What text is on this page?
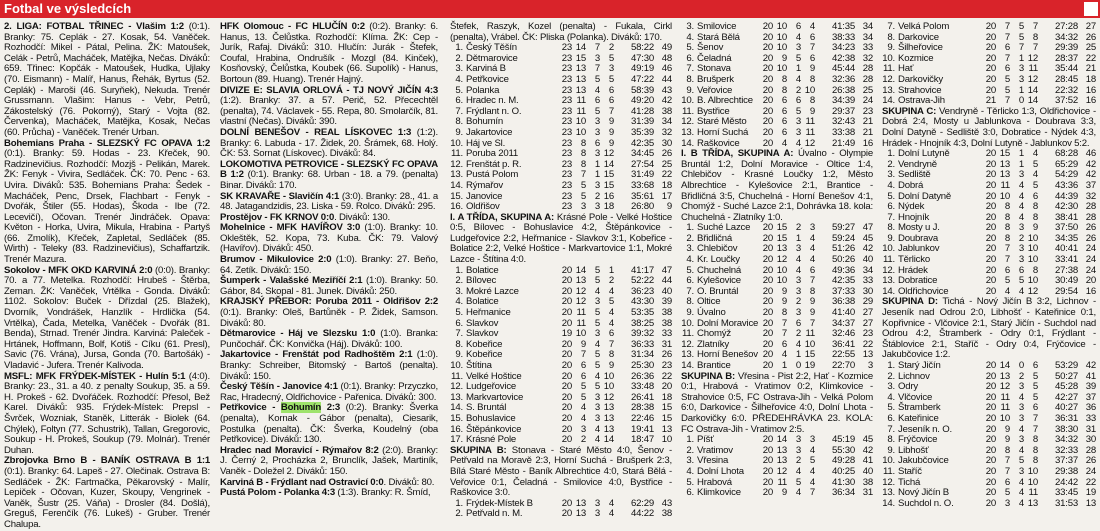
Fotbal ve výsledcích

2. LIGA: FOTBAL TŘINEC - Vlašim 1:2 (0:1). Branky: 75. Ceplák - 27. Kosak, 54. Vaněček. Rozhodčí: Mikel - Pátal, Pelina. ŽK: Matoušek, Celák - Petrů, Macháček, Matějka, Nečas. Diváků: 659. Třinec: Kopčák - Matoušek, Hudka, Ujlaky (70. Eismann) - Malíř, Hanus, Řehák, Byrtus (52. Ceplák) - Maroši (46. Suryňek), Nekuda. Trenér Grussmann. Vlašim: Hanus - Vebr, Petrů, Zákostelský (76. Pokorný), Starý - Vojta (82. Červenka), Macháček, Matějka, Kosak, Nečas (60. Průcha) - Vaněček. Trenér Urban.

Bohemians Praha - SLEZSKÝ FC OPAVA 1:2 (0:1). Branky: 59. Hodas - 23. Křeček, 90. Radzinevičius. Rozhodčí: Mozjš - Pelikán, Marek. ŽK: Fenyk - Vivira, Sedláček. ČK: 70. Penc - 63. Uvira. Diváků: 535. Bohemians Praha: Šedek - Macháček, Penc, Drsek, Flachbart - Fenyk - Dvořák, Štiler (55. Hodas), Škoda - Ibe (72. Lecevičí), Očovan. Trenér Jindráček. Opava: Květon - Horka, Uvira, Mikula, Hrabina - Partyš (66. Zmolík), Křeček, Zapletal, Sedláček (85. Wirth) - Teleky (83. Radzinevičius), Schaffartzik. Trenér Mazura.

Sokolov - MFK OKD KARVINÁ 2:0 (0:0). Branky: 70. a 77. Metelka. Rozhodčí: Hrubeš - Štěrba, Zeman. ŽK: Vaněček, Vrtělka - Gonda. Diváků: 1102. Sokolov: Buček - Dřízdal (25. Blažek), Dvorník, Vondrášek, Hanzlík - Hrdlička (54. Vrtělka), Čada, Metelka, Vaněček - Dvořák (81. Benda), Strnad. Trenér Jindra. Karviná: Paleček - Hrtánek, Hoffmann, Bolf, Kotiš - Cíku (61. Presl), Savic (76. Vrána), Jursa, Gonda (70. Bartošák) - Vladavić - Jufera. Trenér Kalivoda.

MSFL: MFK FRÝDEK-MÍSTEK - Hulín 5:1 (4:0). Branky: 23., 31. a 40. z penalty Soukup, 35. a 59. H. Prokeš - 62. Dvořáček. Rozhodčí: Přesol, Bež Karel. Diváků: 935. Frýdek-Místek: Prepsl - Švrček, Wozniak, Staněk, Litterák - Biolek (64. Chýlek), Foltyn (77. Schustrik), Tallan, Gregorovic, Soukup - H. Prokeš, Soukup (79. Molnár). Trenér Duhan.

Zbrojovka Brno B - BANÍK OSTRAVA B 1:1 (0:1). Branky: 64. Lapeš - 27. Olečinak. Ostrava B: Sedláček - ŽK: Fartmačka, Pěkarovský - Malír, Lepiček - Očovan, Kuzer, Skoupy, Vengrinek - Vaněk, Šustr (25. Váňa) - Drosler (84. Došlá), Greguš, Ferenčík (76. Lukeš) - Gruber. Trenér Chalupa.

HFK Olomouc - FC HLUČÍN 0:2 (0:2). Branky: 6. Hanus, 13. Čelůstka. Rozhodčí: Klíma. ŽK: Cep - Jurík, Rafaj. Diváků: 310. Hlučín: Jurák - Štefek, Coufal, Hrabina, Ondrušík - Mozgl (84. Kinček), Kosňovský, Čelůstka, Koubek (66. Supolík) - Hanus, Bortoun (89. Huang). Trenér Hajný.

DIVIZE E: SLAVIA ORLOVÁ - TJ NOVÝ JIČÍN 4:3 (1:2). Branky: 37. a 57. Perič, 52. Přecechtěl (penalta), 74. Václavek - 55. Repa, 80. Smolarčík, 81. vlastní (Nečas). Diváků: 390.

DOLNÍ BENEŠOV - REAL LÍSKOVEC 1:3 (1:2). Branky: 6. Labuda - 17. Židek, 20. Šrámek, 68. Holý. ČK: 53. Sornat (Lískovec). Diváků: 84.

LOKOMOTIVA PETROVICE - SLEZSKÝ FC OPAVA B 1:2 (0:1). Branky: 68. Urban - 18. a 79. (penalta) Binar. Diváků: 170.

SK KRAVAŘE - Slavičín 4:1 (3:0). Branky: 28., 41. a 48. Jatagandzidis, 23. Liska - 59. Rolco. Diváků: 295.

Prostějov - FK KRNOV 0:0. Diváků: 130.

Mohelnice - MFK HAVÍŘOV 3:0 (1:0). Branky: 10. Okleštěk, 52. Kopa, 73. Kuba. ČK: 79. Valový (Havířov). Diváků: 450.

Brumov - Mikulovice 2:0 (1:0). Branky: 27. Beňo, 64. Zetík. Diváků: 150.

Šumperk - Valašské Meziříčí 2:1 (1:0). Branky: 50. Gábor, 84. Skopal - 81. Junek. Diváků: 250.

KRAJSKÝ PŘEBOR: Poruba 2011 - Oldřišov 2:2 (0:1). Branky: Oleš, Bartůněk - P. Židek, Samson. Diváků: 80.

Dětmarovice - Háj ve Slezsku 1:0 (1:0). Branka: Punčochář. ČK: Konvička (Háj). Diváků: 100.

Jakartovice - Frenštát pod Radhoštěm 2:1 (1:0). Branky: Schreiber, Bitomský - Bartoš (penalta). Diváků: 150.

Český Těšín - Janovice 4:1 (0:1). Branky: Przyczko, Rac, Hradecný, Oldřichovice - Pařenica. Diváků: 300.

Petřkovice - Bohumín 2:3 (0:2). Branky: Šverka (penalta), Kornak - Gábor (penalta), Ciesarik, Postulka (penalta). ČK: Šverka, Koudelný (oba Petřkovice). Diváků: 130.

Hradec nad Moravicí - Rýmařov 8:2 (2:0). Branky: J. Černý 2, Procházka 2, Brunclík, Jašek, Martiník, Vaněk - Doležel 2. Diváků: 150.

Karviná B - Frýdlant nad Ostravicí 0:0. Diváků: 80.

Pustá Polom - Polanka 4:3 (1:3). Branky: R. Šmíd,

Štefek, Raszyk, Kozel (penalta) - Fukala, Cirkl (penalta), Vrábel. ČK: Pliska (Polanka). Diváků: 170.

1.	Český Těšín	23	14	7	2	58:22	49
2.	Dětmarovice	23	15	3	5	47:30	48
3.	Karviná B	23	13	7	3	49:19	46
4.	Petřkovice	23	13	5	5	47:22	44
5.	Polanka	23	13	4	6	58:39	43
6.	Hradec n. M.	23	11	6	6	49:20	42
7.	Frýdlant n. O.	23	11	5	7	41:28	38
8.	Bohumín	23	10	3	9	31:39	34
9.	Jakartovice	23	10	3	9	35:39	32
10.	Háj ve Sl.	23	8	6	9	42:35	30
11.	Poruba 2011	23	8	3	12	34:45	26
12.	Frenštát p. R.	23	8	1	14	27:54	25
13.	Pustá Polom	23	7	1	15	31:49	22
14.	Rýmařov	23	5	3	15	33:68	18
15.	Janovice	23	5	2	16	35:61	17
16.	Oldřišov	23	3	3	18	26:80	9

I. A TŘÍDA, SKUPINA A: Krásné Pole - Velké Hoštice 0:5, Bílovec - Bohuslavice 4:2, Štěpánkovice - Ludgeřovice 2:2, Heřmanice - Slavkov 3:1, Kobeřice - Bolatice 2:2, Velké Hoštice - Markvartovice 1:1, Mokré Lazce - Štítina 4:0.

1.	Bolatice	20	14	5	1	41:17	47
2.	Bílovec	20	13	5	2	52:22	44
3.	Mokré Lazce	20	12	4	4	36:23	40
4.	Bolatice	20	12	3	5	43:30	39
5.	Heřmanice	20	11	5	4	53:35	38
6.	Slavkov	20	11	5	4	38:25	38
7.	Slavkov	19	10	3	6	39:32	33
8.	Kobeřice	20	9	4	7	36:33	31
9.	Kobeřice	20	7	5	8	31:34	26
10.	Štítina	20	6	5	9	25:30	23
11.	Velké Hoštice	20	6	4	10	26:36	22
12.	Ludgeřovice	20	5	5	10	33:48	20
13.	Markvartovice	20	5	3	12	26:41	18
14.	S. Bruntál	20	4	3	13	28:38	15
15.	Bohuslavice	20	4	3	13	22:46	15
16.	Štěpánkovice	20	3	4	13	19:41	13
17.	Krásné Pole	20	2	4	14	18:47	10

SKUPINA B: Stonava - Staré Město 4:0, Šenov - Petřvald na Moravě 2:3, Horní Suchá - Brušperk 2:3, Bílá Staré Město - Baník Albrechtice 4:0, Stará Bělá - Veřovice 0:1, Čeladná - Smilovice 4:0, Bystřice - Raškovice 3:0.

1.	Frýdek-Místek B	20	13	3	4	62:29	43
2.	Petřvald n. M.	20	13	3	4	44:22	38
3.	Smilovice	20	10	6	4	41:35	34
4.	Stará Bělá	20	10	4	6	38:33	34
5.	Šenov	20	10	3	7	34:23	33
6.	Čeladná	20	9	5	6	42:38	32
7.	Stonava	20	10	1	9	45:44	28
8.	Brušperk	20	8	4	8	32:36	28
9.	Veřovice	20	8	2	10	26:38	25
10.	B. Albrechtice	20	6	6	8	34:39	24
11.	Bystřice	20	6	5	9	29:37	23
12.	Staré Město	20	6	3	11	32:43	21
13.	Horní Suchá	20	6	3	11	33:38	21
14.	Raškovice	20	4	4	12	21:49	16

I. B TŘÍDA, SKUPINA A: Úvalno - Olympie Bruntál 1:2, Dolní Moravice - Oltice 1:4, Chlebičov - Krasné Loučky 1:2, Město Albrechtice - Kylešovice 2:1, Brantice - Břidličná 3:5, Chuchelná - Horní Benešov 4:1, Chomýž - Suché Lazce 2:1, Dohrávka 18. kola: Chuchelná - Zlatníky 1:0.

1.	Suché Lazce	20	15	2	3	59:27	47
2.	Břidličná	20	15	1	4	59:24	45
3.	Chlebičov	20	13	3	4	51:26	42
4.	Kr. Loučky	20	12	4	4	50:26	40
5.	Chuchelná	20	10	4	6	49:36	34
6.	Kylešovice	20	10	3	7	42:35	33
7.	O. Bruntál	20	9	3	8	37:33	30
8.	Oltice	20	9	2	9	36:38	29
9.	Úvalno	20	8	3	9	41:40	27
10.	Dolní Moravice	20	7	6	7	34:37	27
11.	Chomýž	20	7	2	11	32:46	23
12.	Zlatníky	20	6	4	10	36:41	22
13.	Horní Benešov	20	4	1	15	22:55	13
14.	Brantice	20	1	0	19	22:70	3

SKUPINA B: Vřesina - Pist 2:2, Hať - Kozmice 0:1, Hrabová - Vratimov 0:2, Klimkovice - Strahovice 0:5, FC Ostrava-Jih - Velká Polom 6:0, Darkovice - Šilheřovice 4:0, Dolní Lhota - Darkovičky 6:0. PŘEDEHRÁVKA 23. KOLA: FC Ostrava-Jih - Vratimov 2:5.

1.	Píšť	20	14	3	3	45:19	45
2.	Vratimov	20	13	3	4	55:30	42
3.	Vřesina	20	13	2	5	49:28	41
4.	Dolní Lhota	20	12	4	4	40:25	40
5.	Hrabová	20	11	5	4	41:30	38
6.	Klimkovice	20	9	4	7	36:34	31
7.	Velká Polom	20	7	5	7	27:28	27
8.	Darkovice	20	7	5	8	34:32	26
9.	Šilheřovice	20	6	7	7	29:39	25
10.	Kozmice	20	7	1	12	28:37	22
11.	Hať	20	6	3	11	35:44	21
12.	Darkovičky	20	5	3	12	28:45	18
13.	Strahovice	20	5	1	14	22:32	16
14.	Ostrava-Jih	21	7	0	14	37:52	16

SKUPINA C: Vendryně - Těrlicko 1:3, Oldřichovice - Dobrá 2:4, Mosty u Jablunkova - Doubrava 3:3, Dolní Datyně - Sedliště 3:0, Dobratice - Nýdek 4:3, Hrádek - Hnojník 4:3, Dolní Lutyně - Jablunkov 5:2.

1.	Dolní Lutyně	20	15	1	4	68:28	46
2.	Vendryně	20	13	1	5	65:29	42
3.	Sedliště	20	13	3	4	54:29	42
4.	Dobrá	20	11	4	5	43:36	37
5.	Dolní Datyně	20	10	4	6	44:39	32
6.	Nýdek	20	8	4	8	42:30	28
7.	Hnojník	20	8	4	8	38:41	28
8.	Mosty u J.	20	8	3	9	37:50	26
9.	Doubrava	20	8	2	10	34:35	26
10.	Jablunkov	20	7	3	10	40:41	24
11.	Těrlicko	20	7	3	10	33:41	24
12.	Hrádek	20	6	6	8	27:38	24
13.	Dobratice	20	5	5	10	30:49	20
14.	Oldřichovice	20	4	4	12	29:54	16

SKUPINA D: Tichá - Nový Jičín B 3:2, Lichnov - Jeseník nad Odrou 2:0, Libhošť - Kateřinice 0:1, Kopřivnice - Vlčovice 2:1, Starý Jičín - Suchdol nad Odrou 4:2, Štramberk - Odry 0:1, Frýdlant - Štáblovice 2:1, Staříč - Odry 0:4, Frýčovice - Jakubčovice 1:2.

1.	Starý Jičín	20	14	0	6	53:29	42
2.	Lichnov	20	13	2	5	50:27	41
3.	Odry	20	12	3	5	45:28	39
4.	Vlčovice	20	11	4	5	42:27	37
5.	Štramberk	20	11	3	6	40:27	36
6.	Kateřinice	20	10	3	7	36:31	33
7.	Jeseník n. O.	20	9	4	7	38:30	31
8.	Frýčovice	20	9	3	8	34:32	30
9.	Libhošť	20	8	4	8	32:33	28
10.	Jakubčovice	20	7	5	8	37:37	26
11.	Staříč	20	7	3	10	29:38	24
12.	Tichá	20	6	4	10	24:42	22
13.	Nový Jičín B	20	5	4	11	33:45	19
14.	Suchdol n. O.	20	3	4	13	31:53	13
